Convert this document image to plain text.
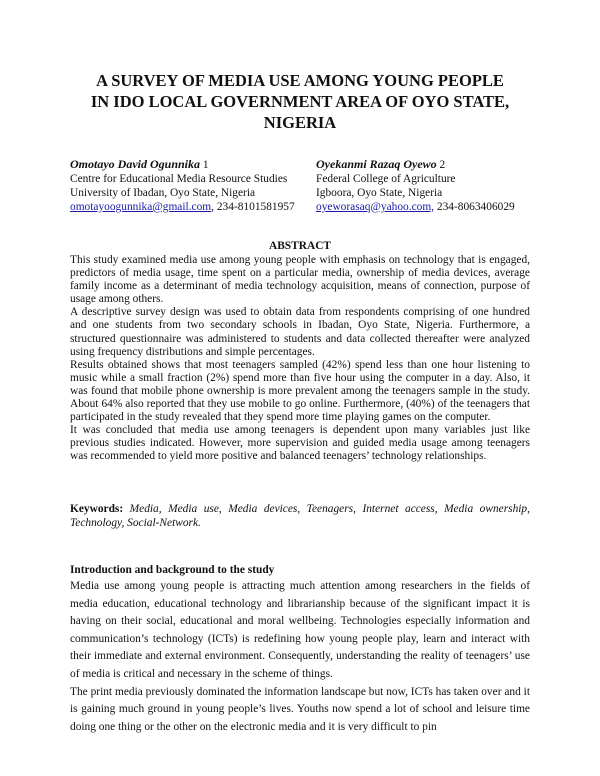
A SURVEY OF MEDIA USE AMONG YOUNG PEOPLE
IN IDO LOCAL GOVERNMENT AREA OF OYO STATE,
NIGERIA
Omotayo David Ogunnika 1
Centre for Educational Media Resource Studies
University of Ibadan, Oyo State, Nigeria
omotayoogunnika@gmail.com, 234-8101581957
Oyekanmi Razaq Oyewo 2
Federal College of Agriculture
Igboora, Oyo State, Nigeria
oyeworasaq@yahoo.com, 234-8063406029
ABSTRACT

This study examined media use among young people with emphasis on technology that is engaged, predictors of media usage, time spent on a particular media, ownership of media devices, average family income as a determinant of media technology acquisition, means of connection, purpose of usage among others.

A descriptive survey design was used to obtain data from respondents comprising of one hundred and one students from two secondary schools in Ibadan, Oyo State, Nigeria. Furthermore, a structured questionnaire was administered to students and data collected thereafter were analyzed using frequency distributions and simple percentages.

Results obtained shows that most teenagers sampled (42%) spend less than one hour listening to music while a small fraction (2%) spend more than five hour using the computer in a day. Also, it was found that mobile phone ownership is more prevalent among the teenagers sample in the study. About 64% also reported that they use mobile to go online. Furthermore, (40%) of the teenagers that participated in the study revealed that they spend more time playing games on the computer.

It was concluded that media use among teenagers is dependent upon many variables just like previous studies indicated. However, more supervision and guided media usage among teenagers was recommended to yield more positive and balanced teenagers’ technology relationships.

Keywords: Media, Media use, Media devices, Teenagers, Internet access, Media ownership, Technology, Social-Network.
Introduction and background to the study

Media use among young people is attracting much attention among researchers in the fields of media education, educational technology and librarianship because of the significant impact it is having on their social, educational and moral wellbeing. Technologies especially information and communication’s technology (ICTs) is redefining how young people play, learn and interact with their immediate and external environment. Consequently, understanding the reality of teenagers’ use of media is critical and necessary in the scheme of things.

The print media previously dominated the information landscape but now, ICTs has taken over and it is gaining much ground in young people’s lives. Youths now spend a lot of school and leisure time doing one thing or the other on the electronic media and it is very difficult to pin
